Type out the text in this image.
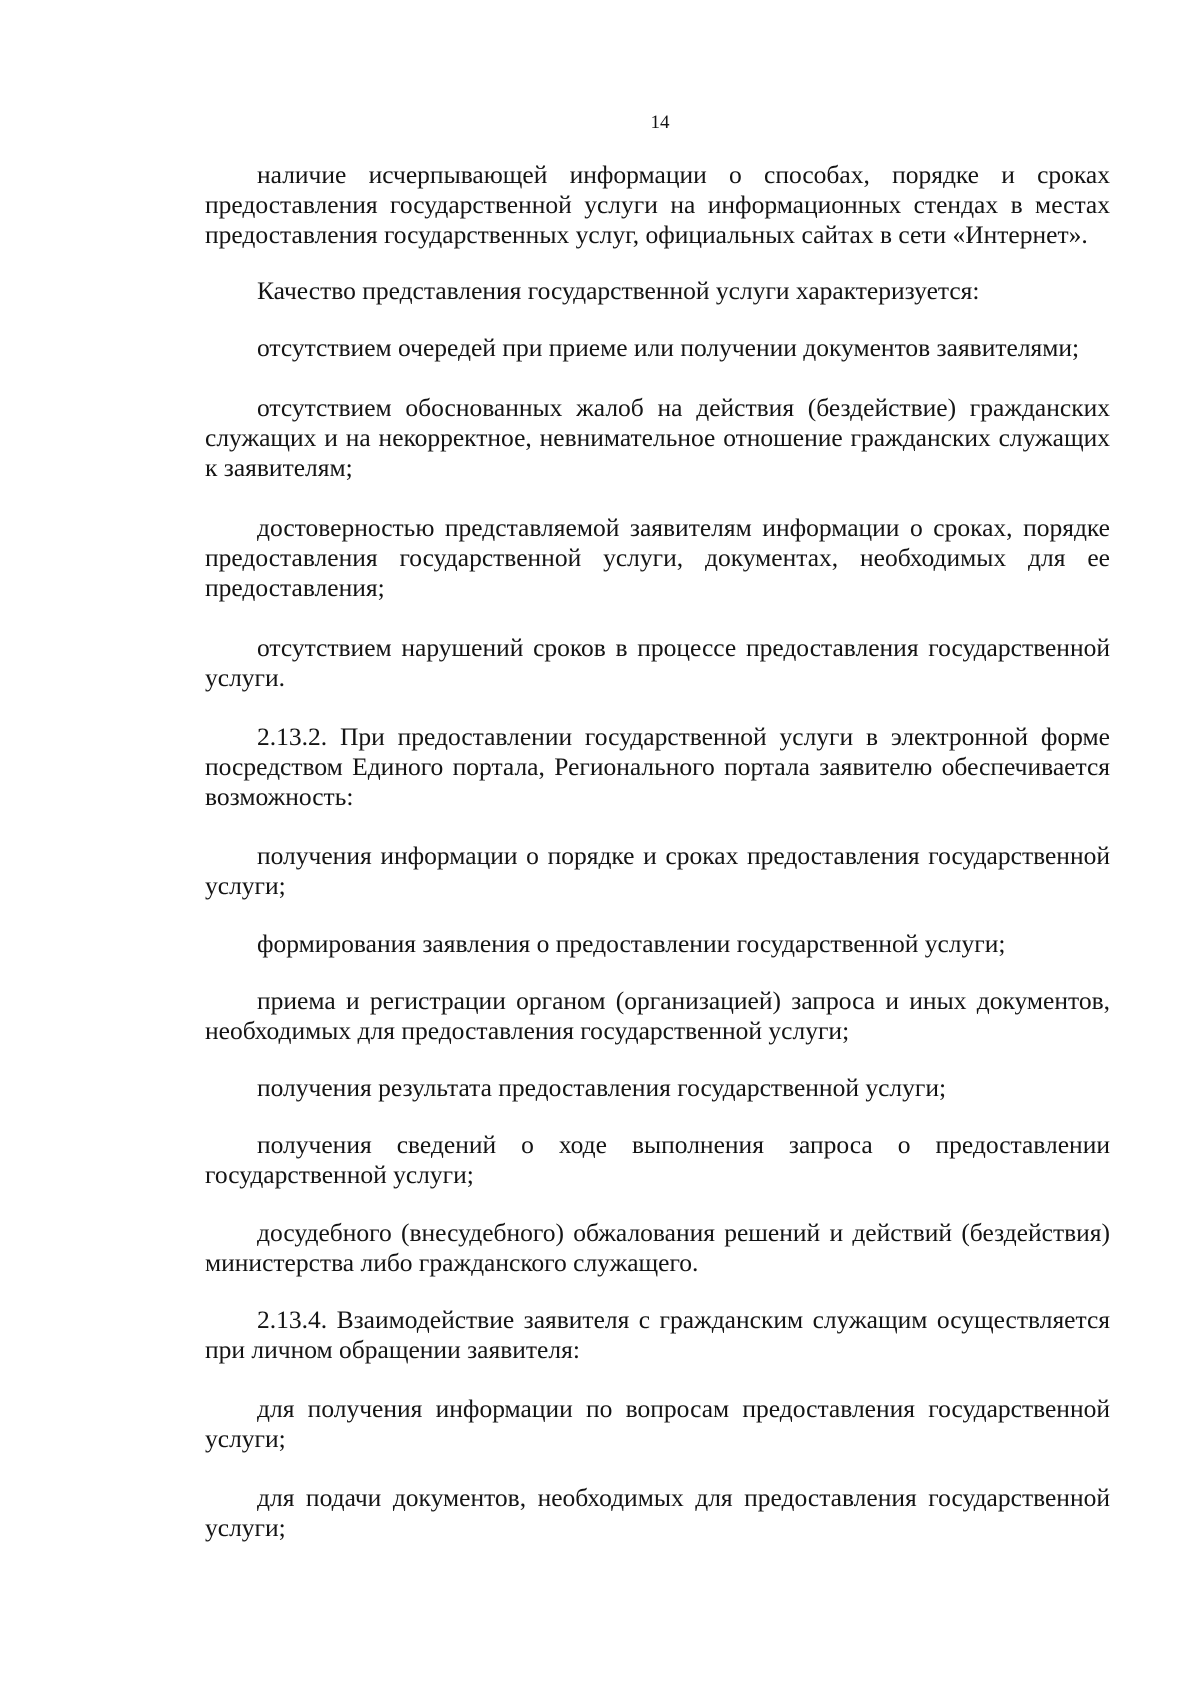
14

наличие исчерпывающей информации о способах, порядке и сроках предоставления государственной услуги на информационных стендах в местах предоставления государственных услуг, официальных сайтах в сети «Интернет».

Качество представления государственной услуги характеризуется:

отсутствием очередей при приеме или получении документов заявителями;

отсутствием обоснованных жалоб на действия (бездействие) гражданских служащих и на некорректное, невнимательное отношение гражданских служащих к заявителям;

достоверностью представляемой заявителям информации о сроках, порядке предоставления государственной услуги, документах, необходимых для ее предоставления;

отсутствием нарушений сроков в процессе предоставления государственной услуги.

2.13.2. При предоставлении государственной услуги в электронной форме посредством Единого портала, Регионального портала заявителю обеспечивается возможность:

получения информации о порядке и сроках предоставления государственной услуги;

формирования заявления о предоставлении государственной услуги;

приема и регистрации органом (организацией) запроса и иных документов, необходимых для предоставления государственной услуги;

получения результата предоставления государственной услуги;

получения сведений о ходе выполнения запроса о предоставлении государственной услуги;

досудебного (внесудебного) обжалования решений и действий (бездействия) министерства либо гражданского служащего.

2.13.4. Взаимодействие заявителя с гражданским служащим осуществляется при личном обращении заявителя:

для получения информации по вопросам предоставления государственной услуги;

для подачи документов, необходимых для предоставления государственной услуги;
